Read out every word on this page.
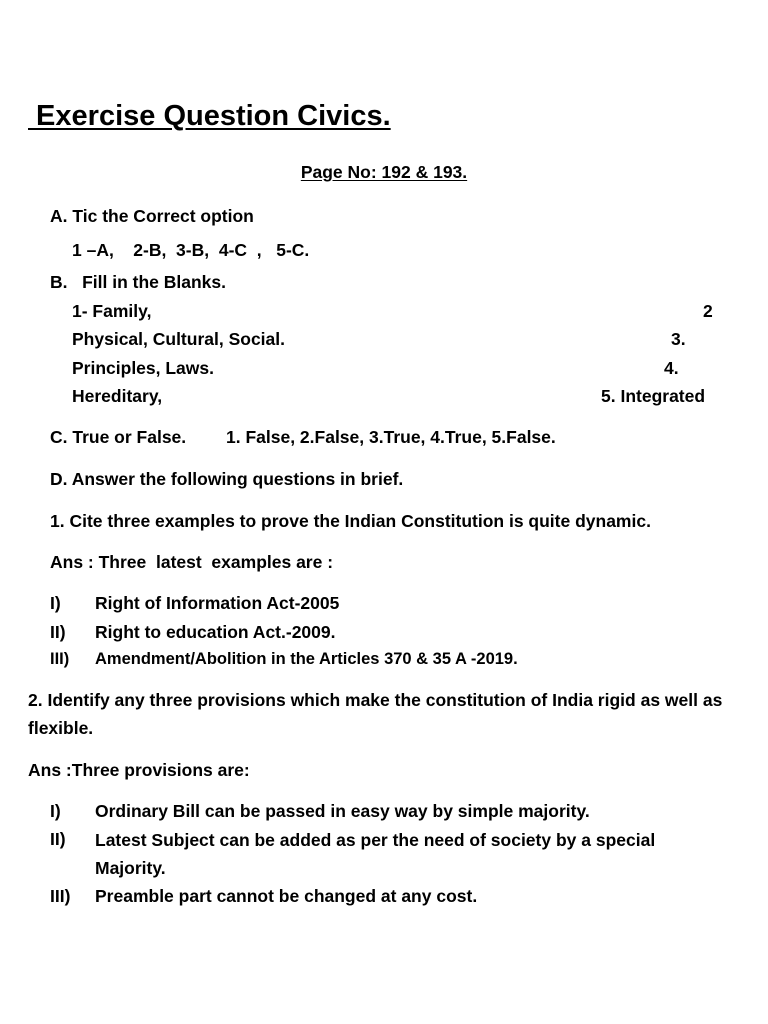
Exercise Question Civics.
Page No: 192 & 193.
A. Tic the Correct option
1 –A,    2-B,  3-B,  4-C  ,   5-C.
B.   Fill in the Blanks.
1- Family,	2
Physical, Cultural, Social.	3.
Principles, Laws.	4.
Hereditary,	5. Integrated
C. True or False. 1. False, 2.False, 3.True, 4.True, 5.False.
D. Answer the following questions in brief.
1. Cite three examples to prove the Indian Constitution is quite dynamic.
Ans : Three  latest  examples are :
I) Right of Information Act-2005
II) Right to education Act.-2009.
III) Amendment/Abolition in the Articles 370 & 35 A -2019.
2. Identify any three provisions which make the constitution of India rigid as well as flexible.
Ans :Three provisions are:
I) Ordinary Bill can be passed in easy way by simple majority.
II)	Latest Subject can be added as per the need of society by a special Majority.
III) Preamble part cannot be changed at any cost.
